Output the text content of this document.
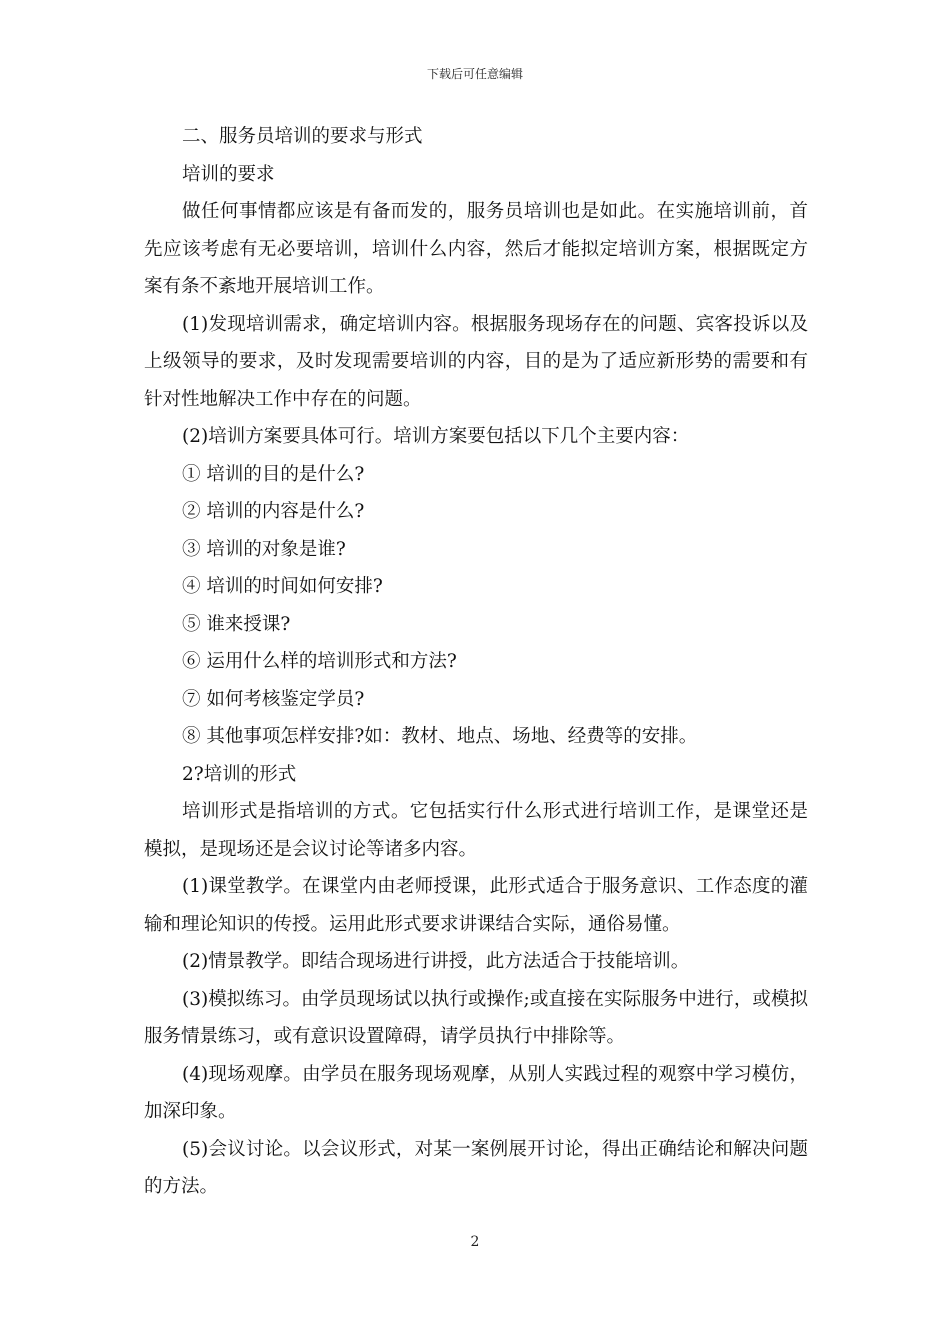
下载后可任意编辑

二、服务员培训的要求与形式

培训的要求

做任何事情都应该是有备而发的，服务员培训也是如此。在实施培训前，首先应该考虑有无必要培训，培训什么内容，然后才能拟定培训方案，根据既定方案有条不紊地开展培训工作。

(1)发现培训需求，确定培训内容。根据服务现场存在的问题、宾客投诉以及上级领导的要求，及时发现需要培训的内容，目的是为了适应新形势的需要和有针对性地解决工作中存在的问题。

(2)培训方案要具体可行。培训方案要包括以下几个主要内容：

① 培训的目的是什么?

② 培训的内容是什么?

③ 培训的对象是谁?

④ 培训的时间如何安排?

⑤ 谁来授课?

⑥ 运用什么样的培训形式和方法?

⑦ 如何考核鉴定学员?

⑧ 其他事项怎样安排?如：教材、地点、场地、经费等的安排。

2?培训的形式

培训形式是指培训的方式。它包括实行什么形式进行培训工作，是课堂还是模拟，是现场还是会议讨论等诸多内容。

(1)课堂教学。在课堂内由老师授课，此形式适合于服务意识、工作态度的灌输和理论知识的传授。运用此形式要求讲课结合实际，通俗易懂。

(2)情景教学。即结合现场进行讲授，此方法适合于技能培训。

(3)模拟练习。由学员现场试以执行或操作;或直接在实际服务中进行，或模拟服务情景练习，或有意识设置障碍，请学员执行中排除等。

(4)现场观摩。由学员在服务现场观摩，从别人实践过程的观察中学习模仿，加深印象。

(5)会议讨论。以会议形式，对某一案例展开讨论，得出正确结论和解决问题的方法。

2
